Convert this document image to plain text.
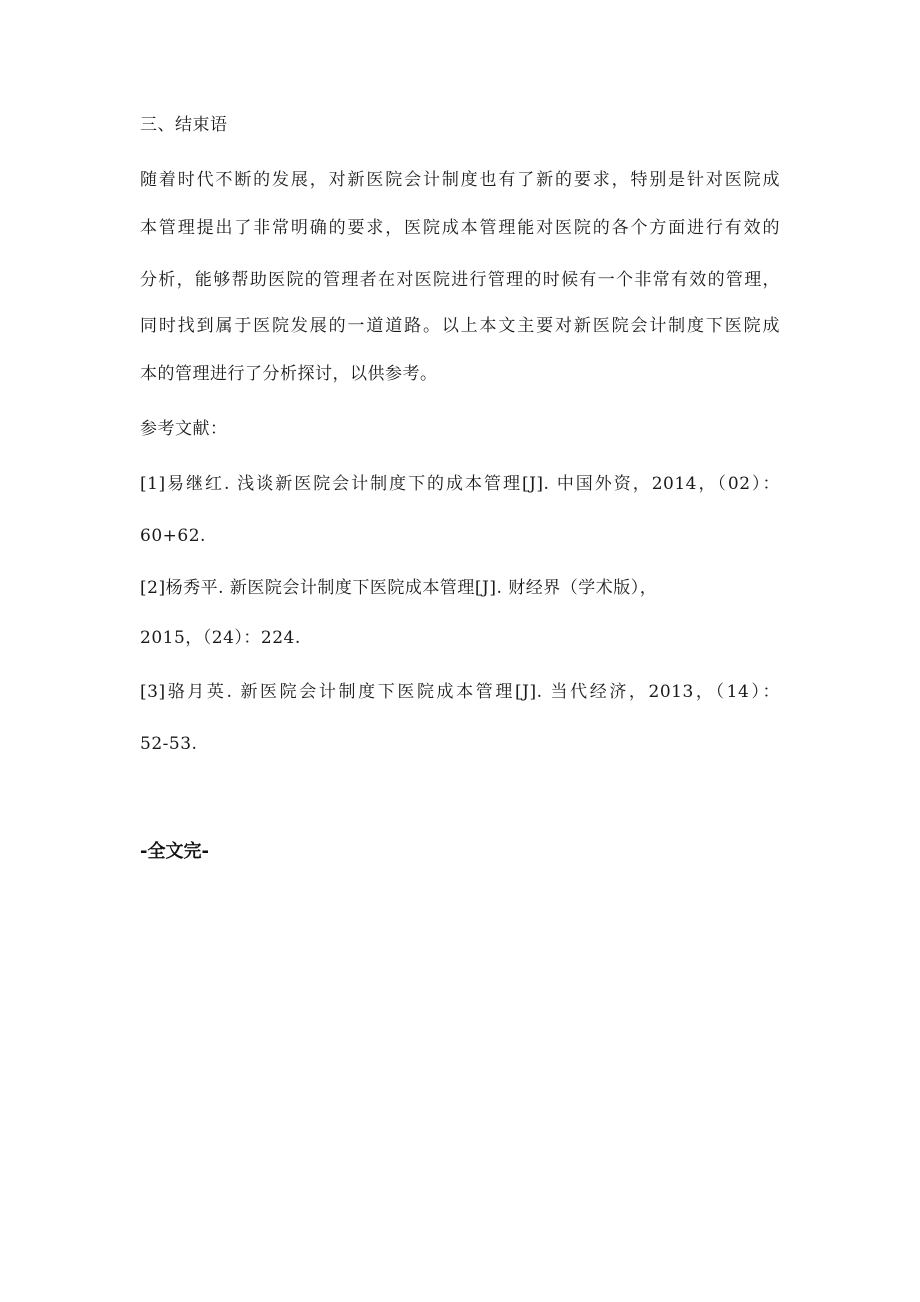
三、结束语
随着时代不断的发展，对新医院会计制度也有了新的要求，特别是针对医院成
本管理提出了非常明确的要求，医院成本管理能对医院的各个方面进行有效的
分析，能够帮助医院的管理者在对医院进行管理的时候有一个非常有效的管理，
同时找到属于医院发展的一道道路。以上本文主要对新医院会计制度下医院成
本的管理进行了分析探讨，以供参考。
参考文献：
[1]易继红. 浅谈新医院会计制度下的成本管理[J]. 中国外资，2014，（02）：
60+62.
[2]杨秀平. 新医院会计制度下医院成本管理[J]. 财经界（学术版），
2015，（24）：224.
[3]骆月英. 新医院会计制度下医院成本管理[J]. 当代经济，2013，（14）：
52-53.
-全文完-
